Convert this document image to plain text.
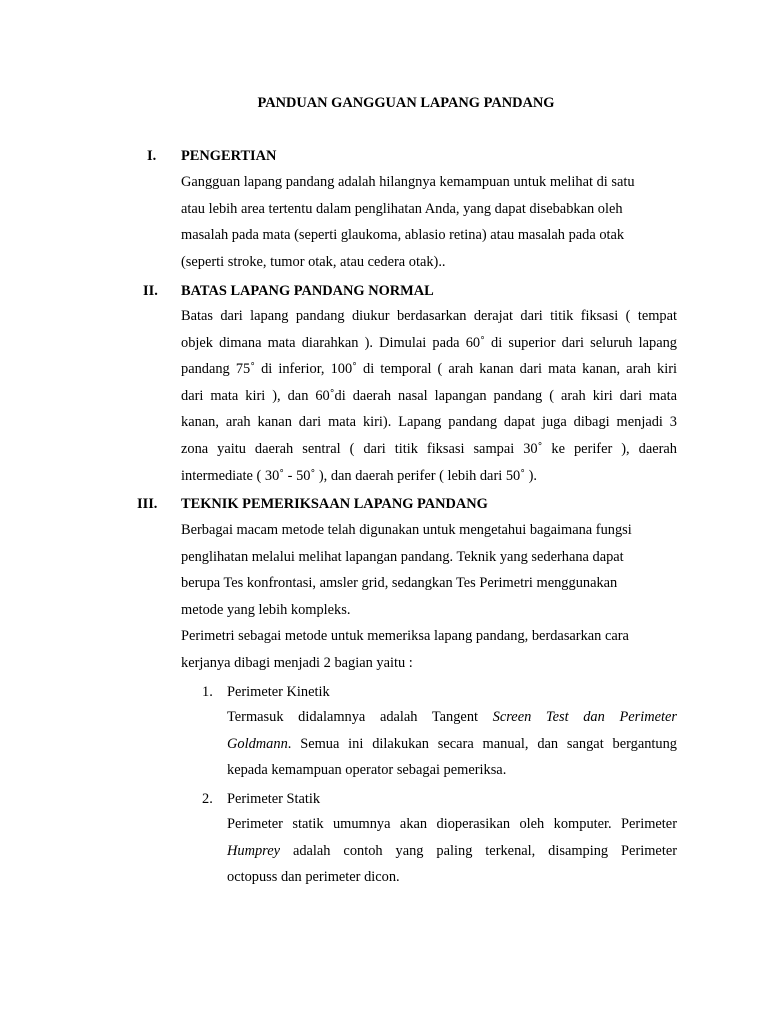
PANDUAN GANGGUAN LAPANG PANDANG
I.	PENGERTIAN
Gangguan lapang pandang adalah hilangnya kemampuan untuk melihat di satu
atau lebih area tertentu dalam penglihatan Anda, yang dapat disebabkan oleh
masalah pada mata (seperti glaukoma, ablasio retina) atau masalah pada otak
(seperti stroke, tumor otak, atau cedera otak)..
II.	BATAS LAPANG PANDANG NORMAL
Batas dari lapang pandang diukur berdasarkan derajat dari titik fiksasi ( tempat
objek dimana mata diarahkan ). Dimulai pada 60˚ di superior dari seluruh lapang
pandang 75˚ di inferior, 100˚ di temporal ( arah kanan dari mata kanan, arah kiri
dari mata kiri ), dan 60˚di daerah nasal lapangan pandang ( arah kiri dari mata
kanan, arah kanan dari mata kiri). Lapang pandang dapat juga dibagi menjadi 3
zona yaitu daerah sentral ( dari titik fiksasi sampai 30˚ ke perifer ), daerah
intermediate ( 30˚ - 50˚ ), dan daerah perifer ( lebih dari 50˚ ).
III.	TEKNIK PEMERIKSAAN LAPANG PANDANG
Berbagai macam metode telah digunakan untuk mengetahui bagaimana fungsi
penglihatan melalui melihat lapangan pandang. Teknik yang sederhana dapat
berupa Tes konfrontasi, amsler grid, sedangkan Tes Perimetri menggunakan
metode yang lebih kompleks.
Perimetri sebagai metode untuk memeriksa lapang pandang, berdasarkan cara
kerjanya dibagi menjadi 2 bagian yaitu :
1. Perimeter Kinetik
Termasuk didalamnya adalah Tangent Screen Test dan Perimeter
Goldmann. Semua ini dilakukan secara manual, dan sangat bergantung
kepada kemampuan operator sebagai pemeriksa.
2. Perimeter Statik
Perimeter statik umumnya akan dioperasikan oleh komputer. Perimeter
Humprey adalah contoh yang paling terkenal, disamping Perimeter
octopuss dan perimeter dicon.
